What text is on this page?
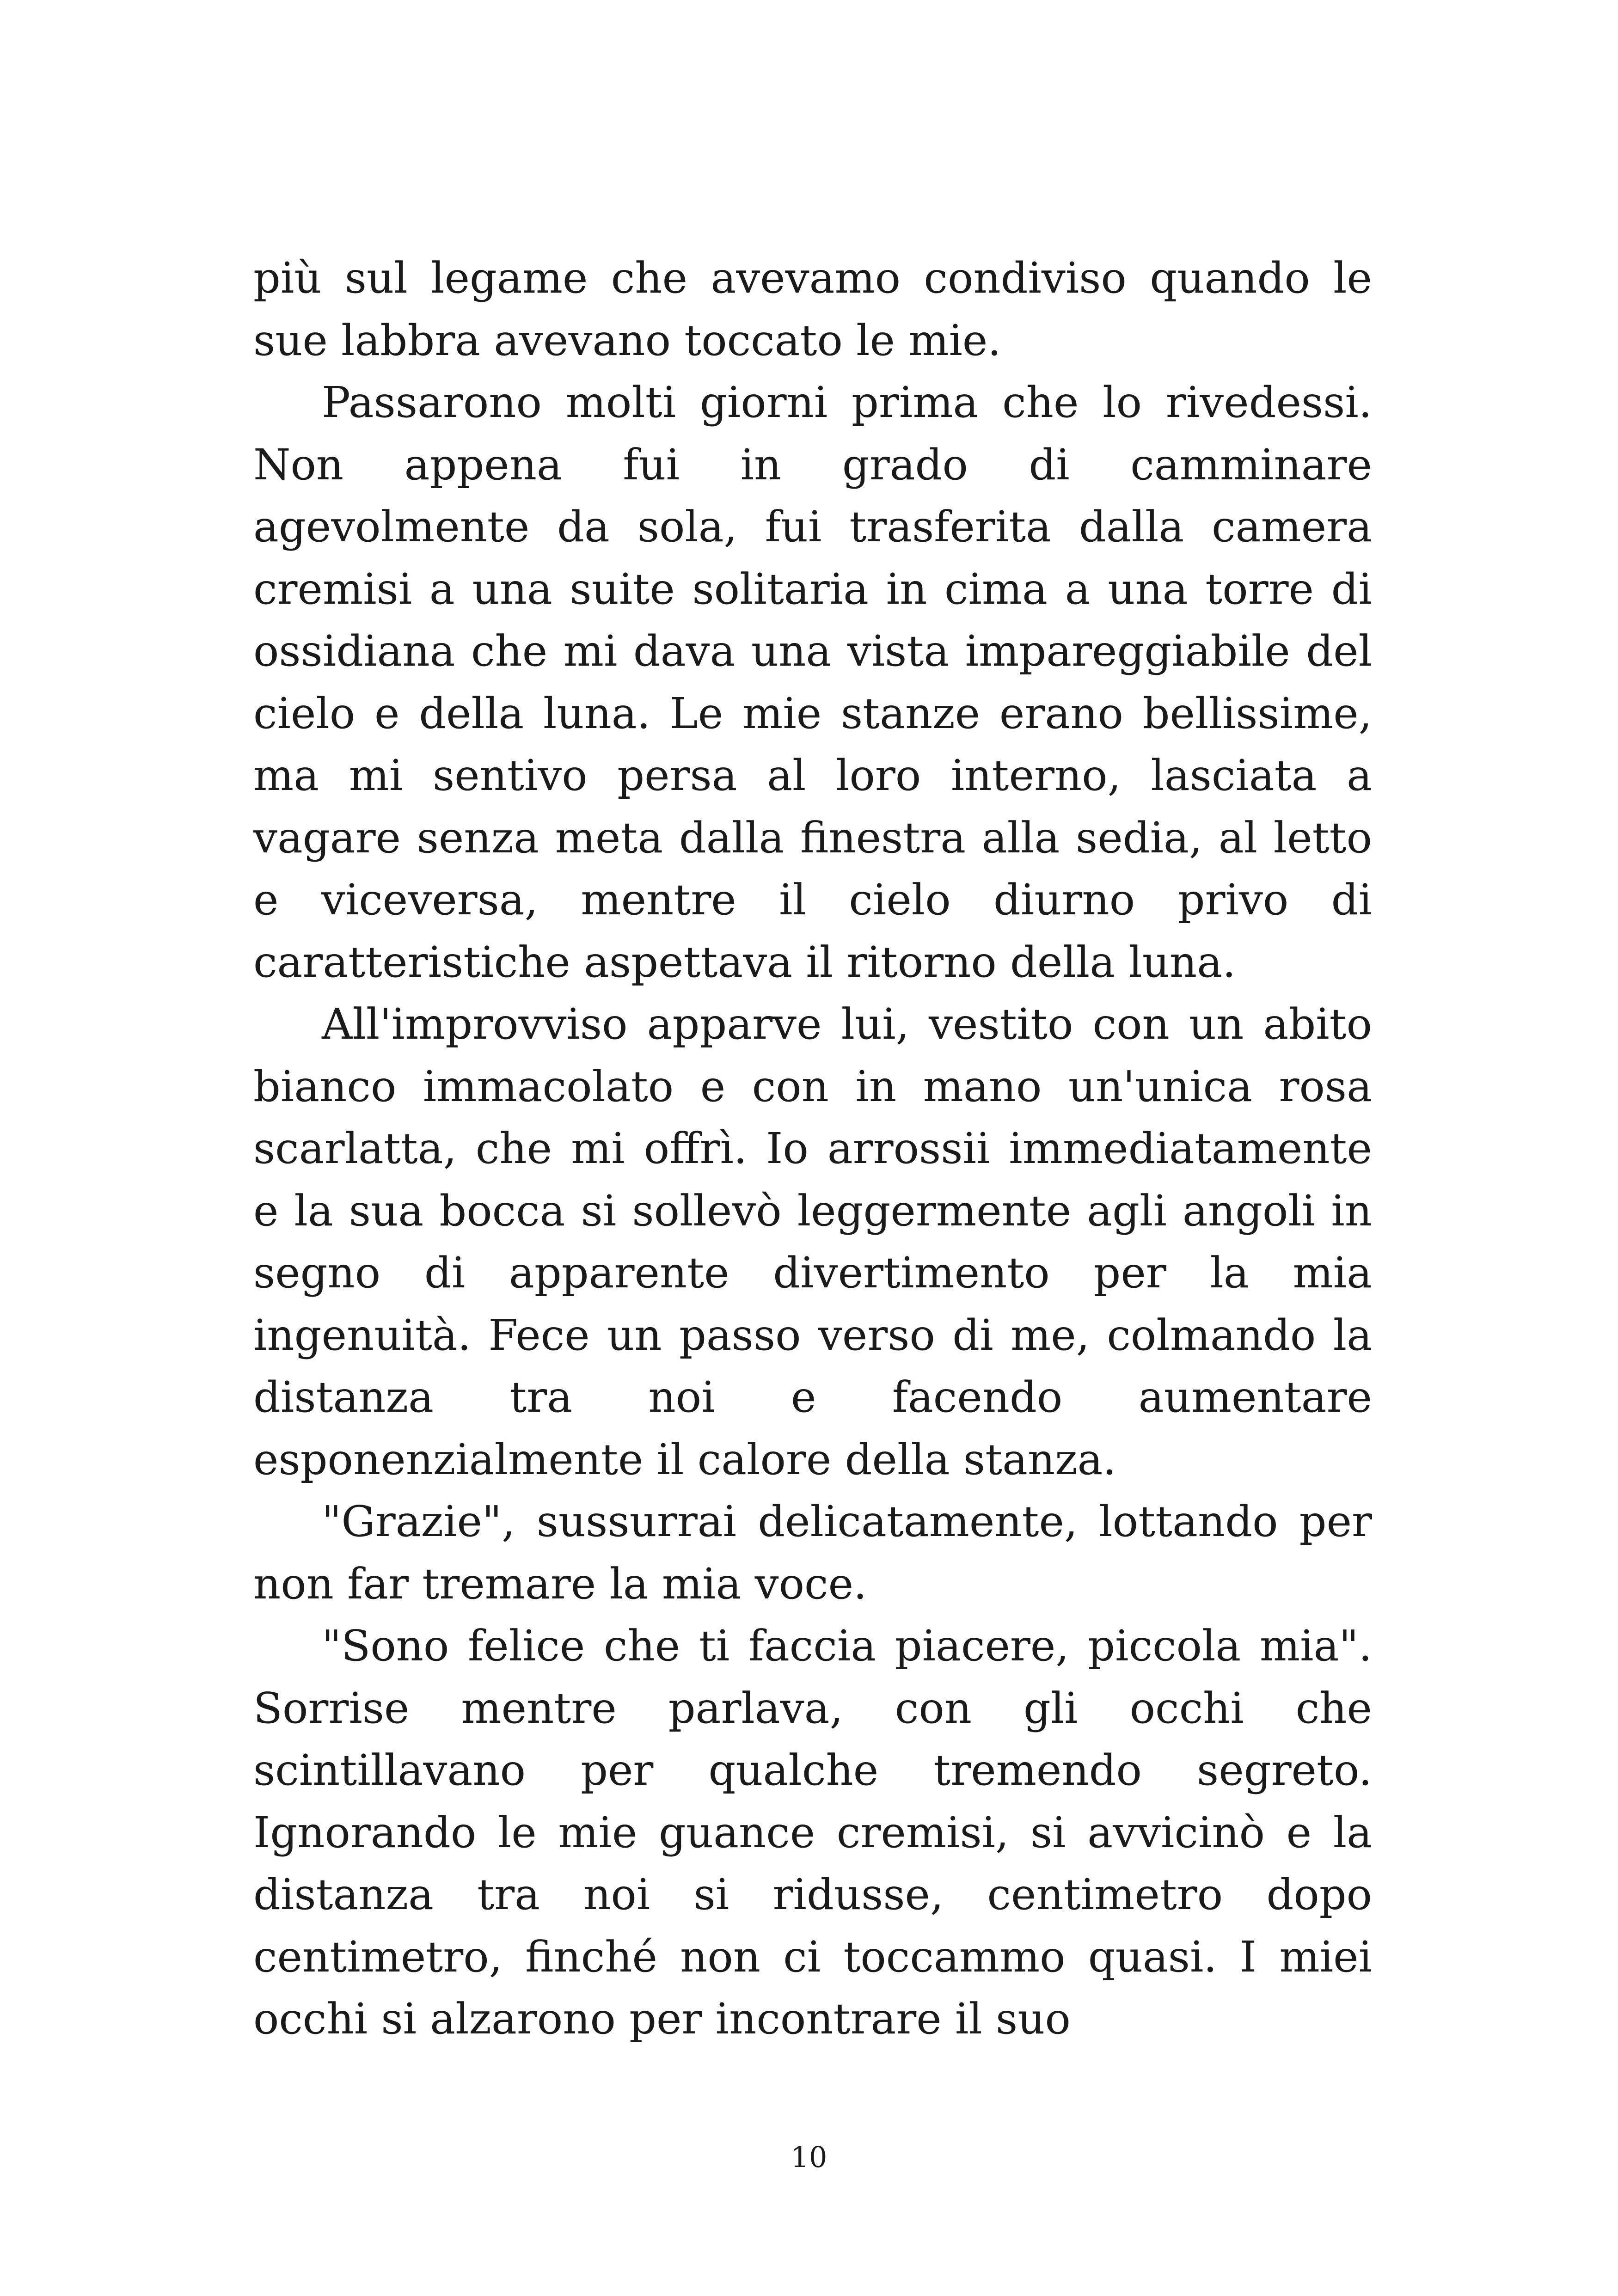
più sul legame che avevamo condiviso quando le sue labbra avevano toccato le mie.

Passarono molti giorni prima che lo rivedessi. Non appena fui in grado di camminare agevolmente da sola, fui trasferita dalla camera cremisi a una suite solitaria in cima a una torre di ossidiana che mi dava una vista impareggiabile del cielo e della luna. Le mie stanze erano bellissime, ma mi sentivo persa al loro interno, lasciata a vagare senza meta dalla finestra alla sedia, al letto e viceversa, mentre il cielo diurno privo di caratteristiche aspettava il ritorno della luna.

All'improvviso apparve lui, vestito con un abito bianco immacolato e con in mano un'unica rosa scarlatta, che mi offrì. Io arrossii immediatamente e la sua bocca si sollevò leggermente agli angoli in segno di apparente divertimento per la mia ingenuità. Fece un passo verso di me, colmando la distanza tra noi e facendo aumentare esponenzialmente il calore della stanza.

"Grazie", sussurrai delicatamente, lottando per non far tremare la mia voce.

"Sono felice che ti faccia piacere, piccola mia". Sorrise mentre parlava, con gli occhi che scintillavano per qualche tremendo segreto. Ignorando le mie guance cremisi, si avvicinò e la distanza tra noi si ridusse, centimetro dopo centimetro, finché non ci toccammo quasi. I miei occhi si alzarono per incontrare il suo

10
